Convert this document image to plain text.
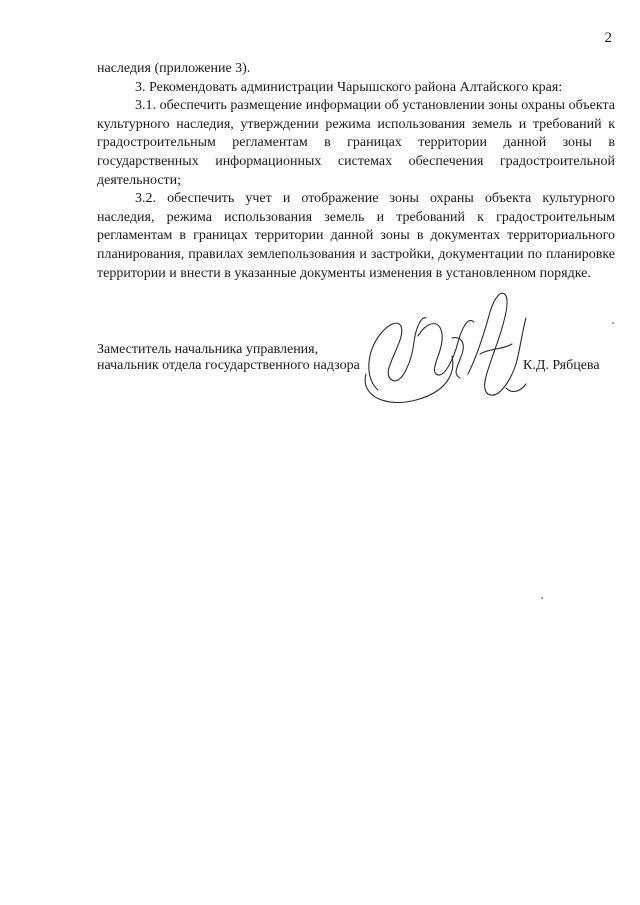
2

наследия (приложение 3).

3. Рекомендовать администрации Чарышского района Алтайского края:

3.1. обеспечить размещение информации об установлении зоны охраны объекта культурного наследия, утверждении режима использования земель и требований к градостроительным регламентам в границах территории данной зоны в государственных информационных системах обеспечения градостроительной деятельности;

3.2. обеспечить учет и отображение зоны охраны объекта культурного наследия, режима использования земель и требований к градостроительным регламентам в границах территории данной зоны в документах территориального планирования, правилах землепользования и застройки, документации по планировке территории и внести в указанные документы изменения в установленном порядке.

Заместитель начальника управления,

начальник отдела государственного надзора	К.Д. Рябцева
